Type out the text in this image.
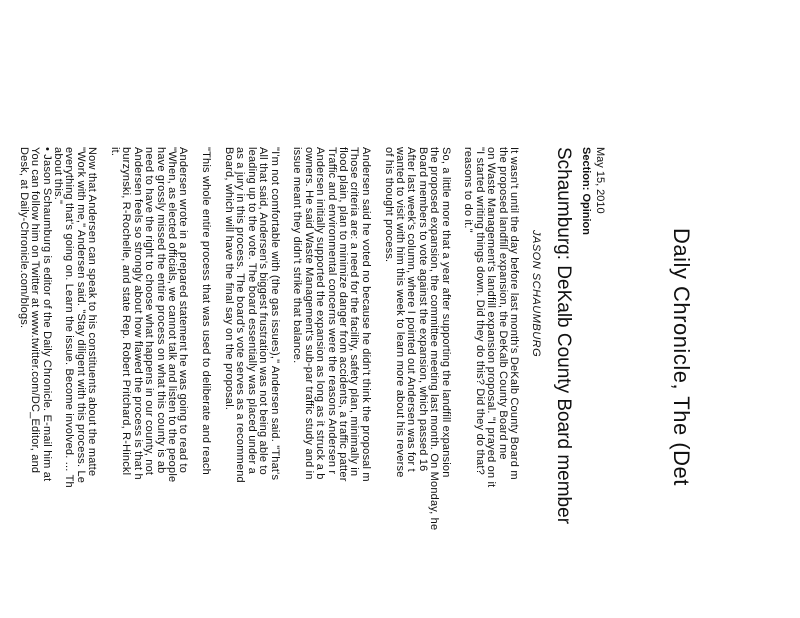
Daily Chronicle, The (Det
May 15, 2010
Section: Opinion
Schaumburg: DeKalb County Board member
JASON SCHAUMBURG
It wasn't until the day before last month's DeKalb County Board m
the proposed landfill expansion, the DeKalb County Board me
on Waste Management's landfill expansion proposal. "I prayed on it
"I started writing things down. Did they do this? Did they do that?
reasons to do it."
So, a little more that a year after supporting the landfill expansion
the proposed expansion, the committee meeting last month. On Monday, he
Board members to vote against the expansion, which passed 16
After last week's column, where I pointed out Andersen was for t
wanted to visit with him this week to learn more about his reverse
of his thought process.
Andersen said he voted no because he didn't think the proposal m
Those criteria are: a need for the facility, safety plan, minimally in
flood plain, plan to minimize danger from accidents, a traffic patter
Traffic and environmental concerns were the reasons Andersen r
Andersen initially supported the expansion as long as it struck a b
owners. He said Waste Management's sub-par traffic study and in
issue meant they didn't strike that balance.
"I'm not comfortable with (the gas issues)," Andersen said. "That's
All that said, Andersen's biggest frustration was not being able to
leading up to the vote. The board essentially was placed under a
as a jury in this process. The board's vote serves as a recommend
Board, which will have the final say on the proposal.
"This whole entire process that was used to deliberate and reach
Andersen wrote in a prepared statement he was going to read to
"When, as elected officials, we cannot talk and listen to the people
have grossly missed the entire process on what this county is ab
need to have the right to choose what happens in our county, not
Andersen feels so strongly about how flawed the process is that h
burzynski, R-Rochelle, and state Rep. Robert Pritchard, R-Hinckl
it.
Now that Andersen can speak to his constituents about the matte
"Work with me," Andersen said. "Stay diligent with this process. Le
everything that's going on. Learn the issue. Become involved. ... Th
about this."
• Jason Schaumburg is editor of the Daily Chronicle. E-mail him at
You can follow him on Twitter at www.twitter.com/DC_Editor, and
Desk, at Daily-Chronicle.com/blogs.
